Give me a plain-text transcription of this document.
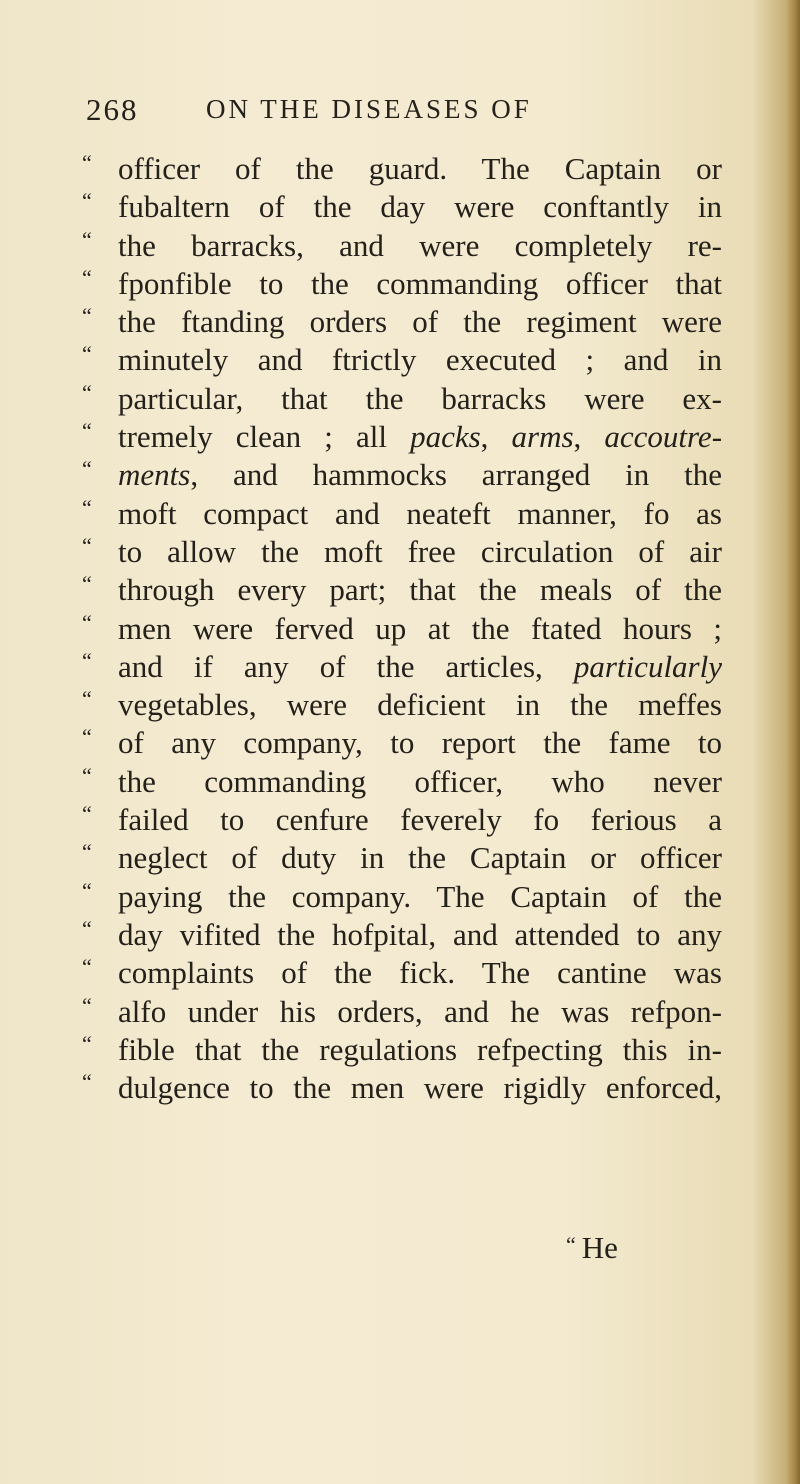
268	ON THE DISEASES OF
“ officer of the guard. The Captain or
“ fubaltern of the day were conftantly in
“ the barracks, and were completely re-
“ fponfible to the commanding officer that
“ the ftanding orders of the regiment were
“ minutely and ftrictly executed ; and in
“ particular, that the barracks were ex-
“ tremely clean ; all packs, arms, accoutre-
“ ments, and hammocks arranged in the
“ moft compact and neateft manner, fo as
“ to allow the moft free circulation of air
“ through every part; that the meals of the
“ men were ferved up at the ftated hours ;
“ and if any of the articles, particularly
“ vegetables, were deficient in the meffes
“ of any company, to report the fame to
“ the commanding officer, who never
“ failed to cenfure feverely fo ferious a
“ neglect of duty in the Captain or officer
“ paying the company. The Captain of the
“ day vifited the hofpital, and attended to any
“ complaints of the fick. The cantine was
“ alfo under his orders, and he was refpon-
“ fible that the regulations refpecting this in-
“ dulgence to the men were rigidly enforced,
“ He
